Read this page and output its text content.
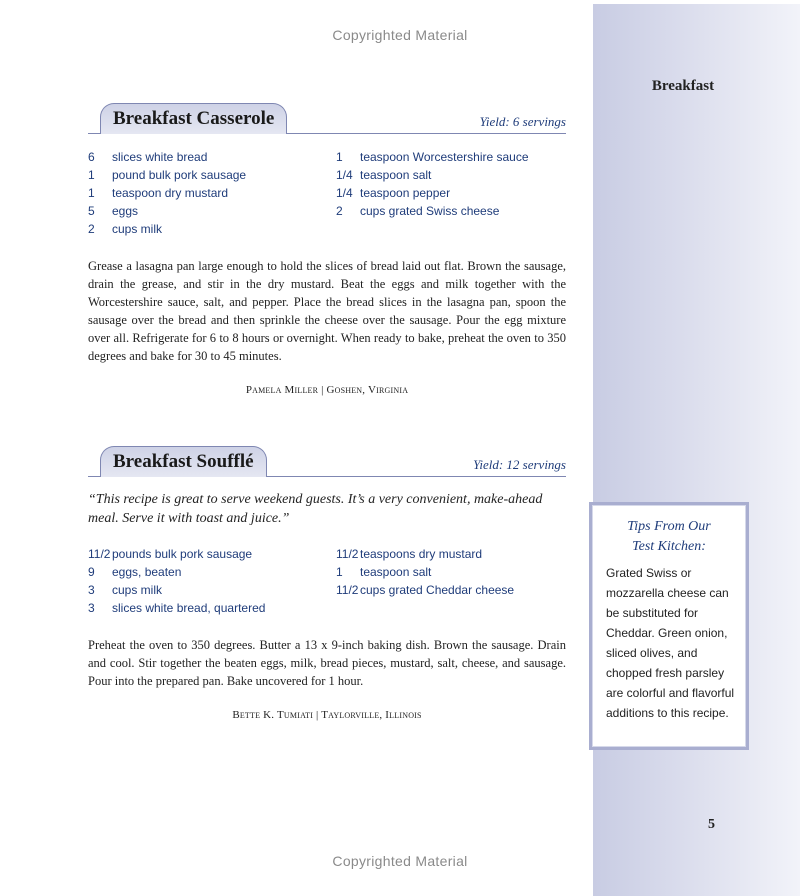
Copyrighted Material
Breakfast
Breakfast Casserole	Yield: 6 servings
6 slices white bread
1 pound bulk pork sausage
1 teaspoon dry mustard
5 eggs
2 cups milk
1 teaspoon Worcestershire sauce
1/4 teaspoon salt
1/4 teaspoon pepper
2 cups grated Swiss cheese

Grease a lasagna pan large enough to hold the slices of bread laid out flat. Brown the sausage, drain the grease, and stir in the dry mustard. Beat the eggs and milk together with the Worcestershire sauce, salt, and pepper. Place the bread slices in the lasagna pan, spoon the sausage over the bread and then sprinkle the cheese over the sausage. Pour the egg mixture over all. Refrigerate for 6 to 8 hours or overnight. When ready to bake, preheat the oven to 350 degrees and bake for 30 to 45 minutes.

Pamela Miller | Goshen, Virginia
Breakfast Soufflé	Yield: 12 servings

“This recipe is great to serve weekend guests. It’s a very convenient, make-ahead meal. Serve it with toast and juice.”

11/2 pounds bulk pork sausage
9 eggs, beaten
3 cups milk
3 slices white bread, quartered
11/2 teaspoons dry mustard
1 teaspoon salt
11/2 cups grated Cheddar cheese

Preheat the oven to 350 degrees. Butter a 13 x 9-inch baking dish. Brown the sausage. Drain and cool. Stir together the beaten eggs, milk, bread pieces, mustard, salt, cheese, and sausage. Pour into the prepared pan. Bake uncovered for 1 hour.

Bette K. Tumiati | Taylorville, Illinois
Tips From Our
Test Kitchen:
Grated Swiss or mozzarella cheese can be substituted for Cheddar. Green onion, sliced olives, and chopped fresh parsley are colorful and flavorful additions to this recipe.
5
Copyrighted Material
